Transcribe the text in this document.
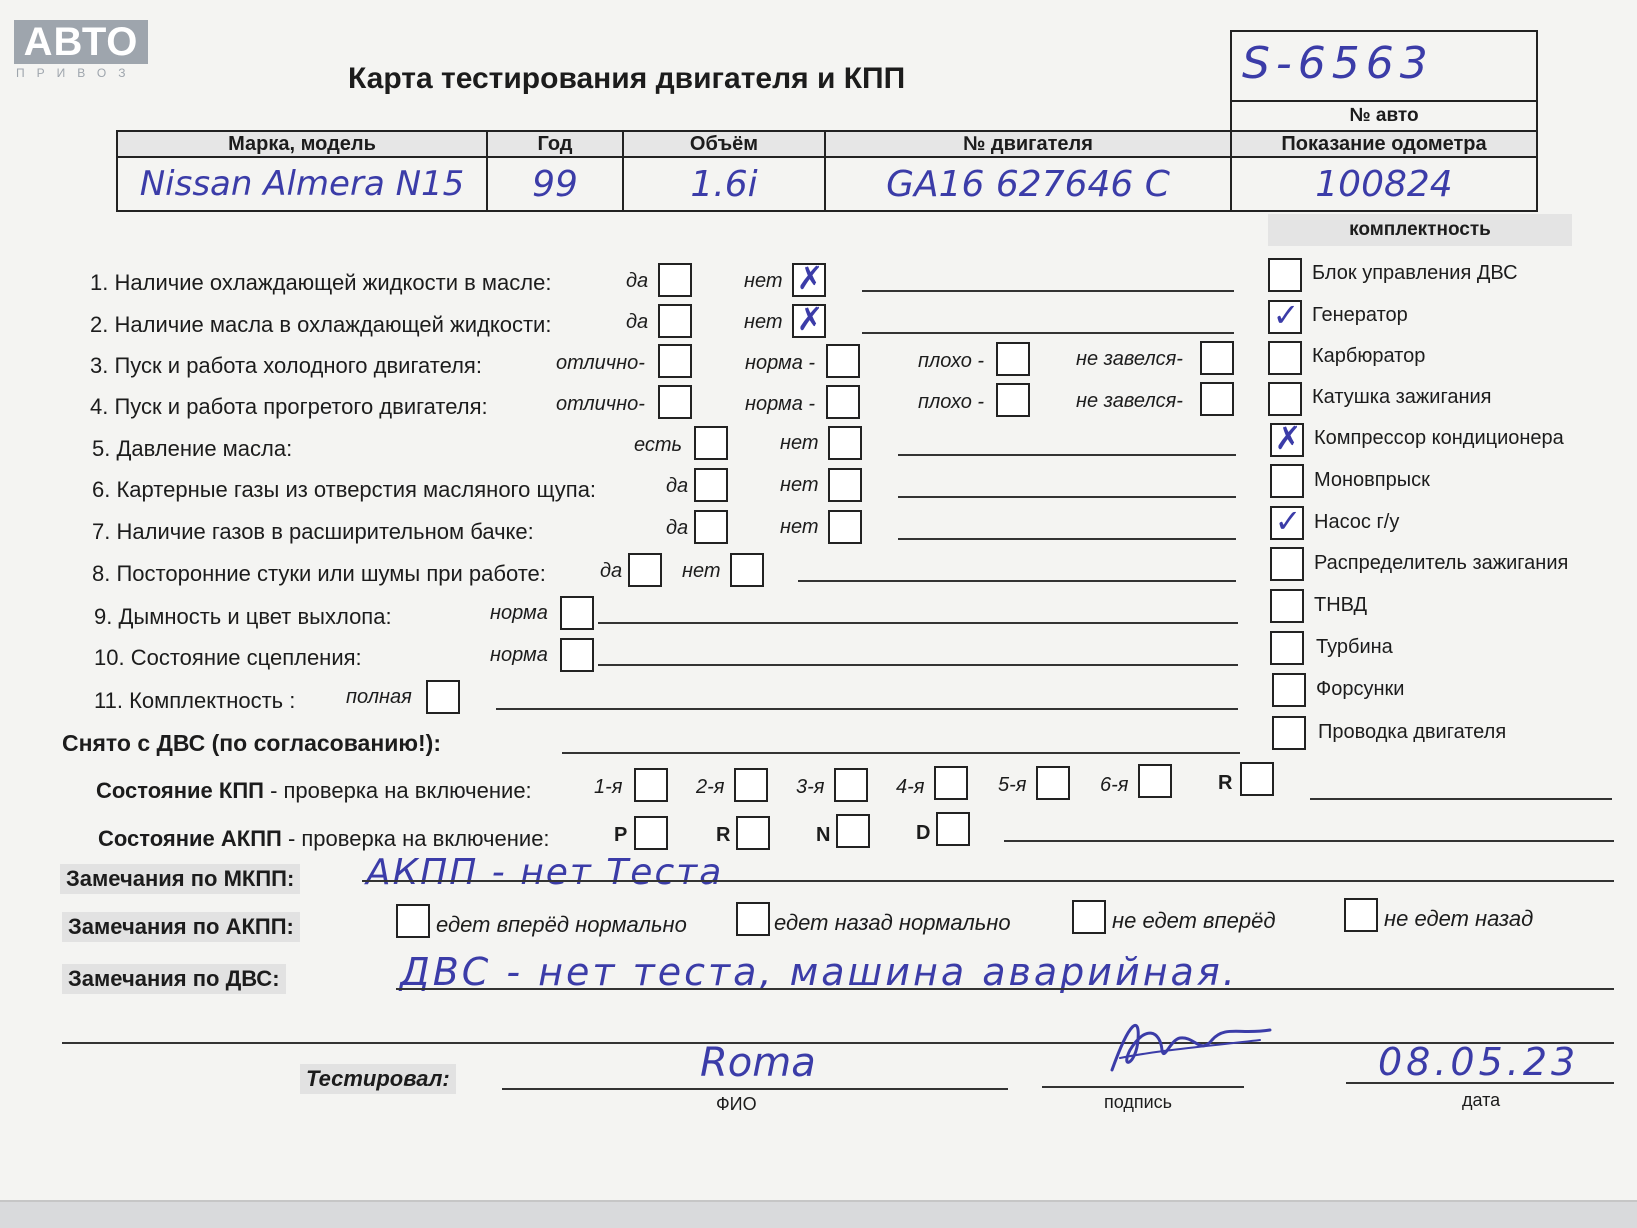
АВТО
ПРИВОЗ	Карта тестирования двигателя и КПП	S-6563
№ авто
Марка, модель	Год	Объём	№ двигателя	Показание одометра
Nissan Almera N15	99	1.6i	GA16 627646 C	100824
1. Наличие охлаждающей жидкости в масле:	да	нет ✗
2. Наличие масла в охлаждающей жидкости:	да	нет ✗
3. Пуск и работа холодного двигателя:	отлично-	норма -	плохо -	не завелся-
4. Пуск и работа прогретого двигателя:	отлично-	норма -	плохо -	не завелся-
5. Давление масла:	есть	нет
6. Картерные газы из отверстия масляного щупа:	да	нет
7. Наличие газов в расширительном бачке:	да	нет
8. Посторонние стуки или шумы при работе:	да	нет
9. Дымность и цвет выхлопа:	норма
10. Состояние сцепления:	норма
11. Комплектность :	полная
комплектность
Блок управления ДВС
✓ Генератор
Карбюратор
Катушка зажигания
✗ Компрессор кондиционера
Моновпрыск
✓ Насос г/у
Распределитель зажигания
ТНВД
Турбина
Форсунки
Проводка двигателя
Снято с ДВС (по согласованию!):
Состояние КПП - проверка на включение:	1-я	2-я	3-я	4-я	5-я	6-я	R
Состояние АКПП - проверка на включение:	P	R	N	D
Замечания по МКПП: АКПП - нет Теста
Замечания по АКПП:	едет вперёд нормально	едет назад нормально	не едет вперёд	не едет назад
Замечания по ДВС:	ДВС - нет теста, машина аварийная.
Тестировал:	Roma
ФИО	подпись
08.05.23
дата
